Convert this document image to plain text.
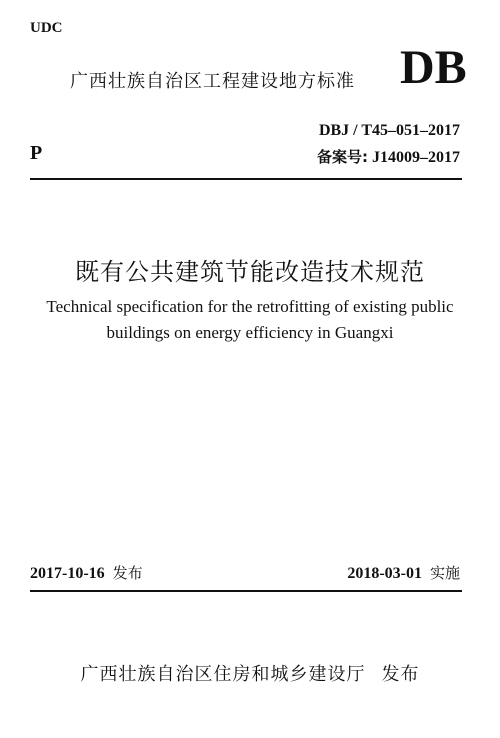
UDC
广西壮族自治区工程建设地方标准 DB
DBJ / T45–051–2017
备案号: J14009–2017
P
既有公共建筑节能改造技术规范
Technical specification for the retrofitting of existing public
buildings on energy efficiency in Guangxi
2017-10-16 发布	2018-03-01 实施
广西壮族自治区住房和城乡建设厅 发布
